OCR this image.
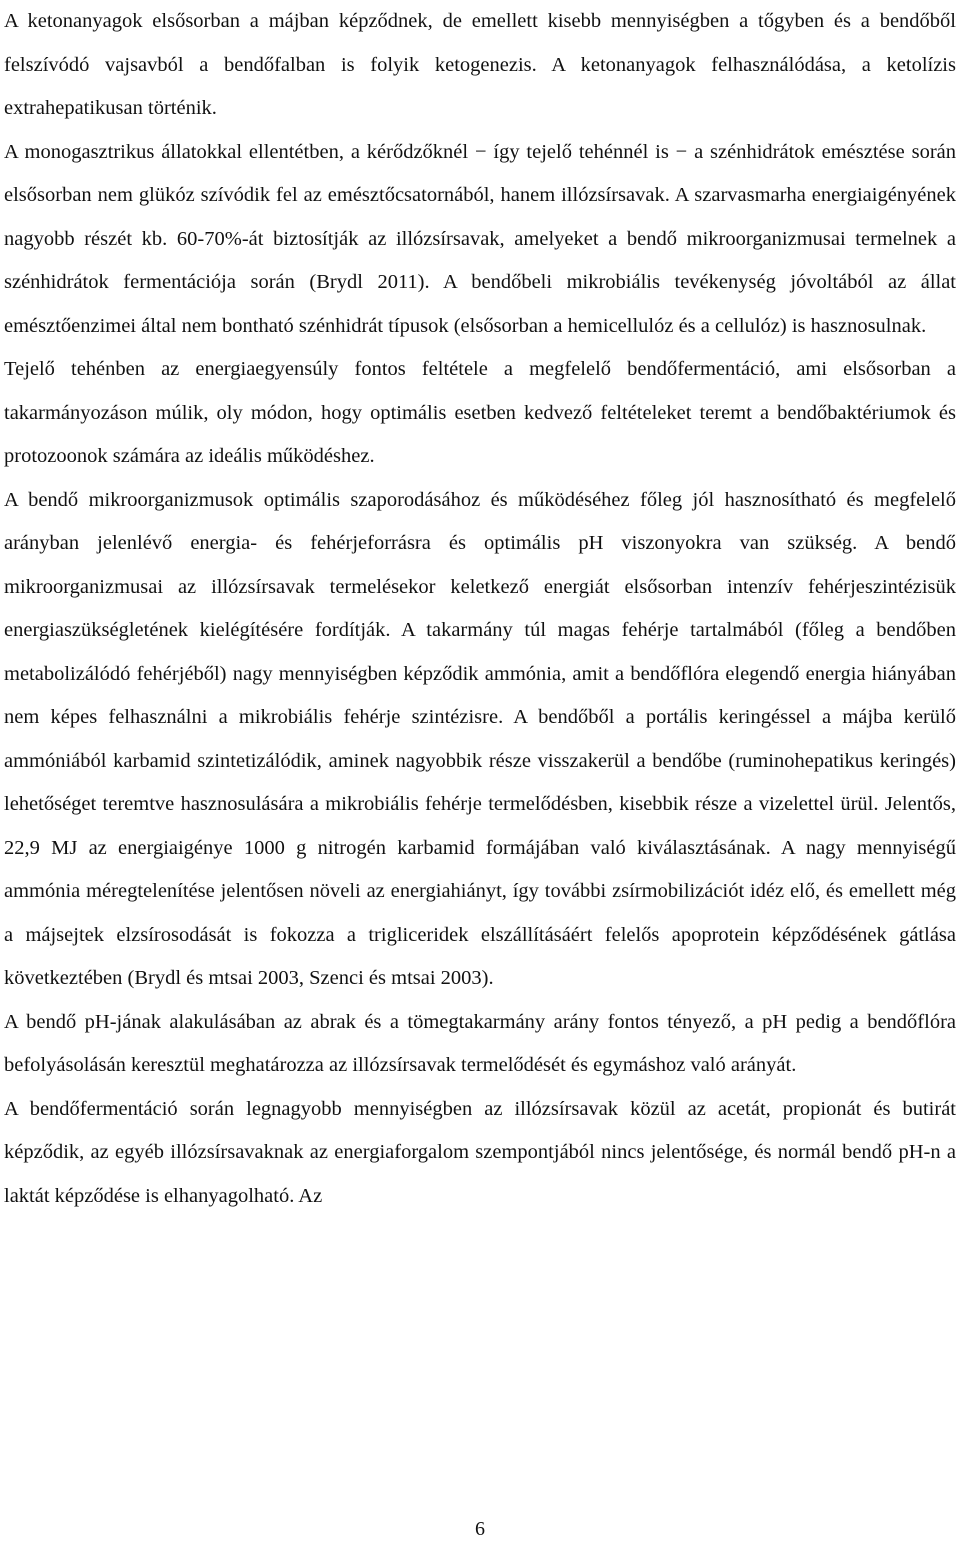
A ketonanyagok elsősorban a májban képződnek, de emellett kisebb mennyiségben a tőgyben és a bendőből felszívódó vajsavból a bendőfalban is folyik ketogenezis. A ketonanyagok felhasználódása, a ketolízis extrahepatikusan történik.

A monogasztrikus állatokkal ellentétben, a kérődzőknél − így tejelő tehénnél is − a szénhidrátok emésztése során elsősorban nem glükóz szívódik fel az emésztőcsatornából, hanem illózsírsavak. A szarvasmarha energiaigényének nagyobb részét kb. 60-70%-át biztosítják az illózsírsavak, amelyeket a bendő mikroorganizmusai termelnek a szénhidrátok fermentációja során (Brydl 2011). A bendőbeli mikrobiális tevékenység jóvoltából az állat emésztőenzimei által nem bontható szénhidrát típusok (elsősorban a hemicellulóz és a cellulóz) is hasznosulnak.

Tejelő tehénben az energiaegyensúly fontos feltétele a megfelelő bendőfermentáció, ami elsősorban a takarmányozáson múlik, oly módon, hogy optimális esetben kedvező feltételeket teremt a bendőbaktériumok és protozoonok számára az ideális működéshez.

A bendő mikroorganizmusok optimális szaporodásához és működéséhez főleg jól hasznosítható és megfelelő arányban jelenlévő energia- és fehérjeforrásra és optimális pH viszonyokra van szükség. A bendő mikroorganizmusai az illózsírsavak termelésekor keletkező energiát elsősorban intenzív fehérjeszintézisük energiaszükségletének kielégítésére fordítják. A takarmány túl magas fehérje tartalmából (főleg a bendőben metabolizálódó fehérjéből) nagy mennyiségben képződik ammónia, amit a bendőflóra elegendő energia hiányában nem képes felhasználni a mikrobiális fehérje szintézisre. A bendőből a portális keringéssel a májba kerülő ammóniából karbamid szintetizálódik, aminek nagyobbik része visszakerül a bendőbe (ruminohepatikus keringés) lehetőséget teremtve hasznosulására a mikrobiális fehérje termelődésben, kisebbik része a vizelettel ürül. Jelentős, 22,9 MJ az energiaigénye 1000 g nitrogén karbamid formájában való kiválasztásának. A nagy mennyiségű ammónia méregtelenítése jelentősen növeli az energiahiányt, így további zsírmobilizációt idéz elő, és emellett még a májsejtek elzsírosodását is fokozza a trigliceridek elszállításáért felelős apoprotein képződésének gátlása következtében (Brydl és mtsai 2003, Szenci és mtsai 2003).

A bendő pH-jának alakulásában az abrak és a tömegtakarmány arány fontos tényező, a pH pedig a bendőflóra befolyásolásán keresztül meghatározza az illózsírsavak termelődését és egymáshoz való arányát.

A bendőfermentáció során legnagyobb mennyiségben az illózsírsavak közül az acetát, propionát és butirát képződik, az egyéb illózsírsavaknak az energiaforgalom szempontjából nincs jelentősége, és normál bendő pH-n a laktát képződése is elhanyagolható. Az

6
